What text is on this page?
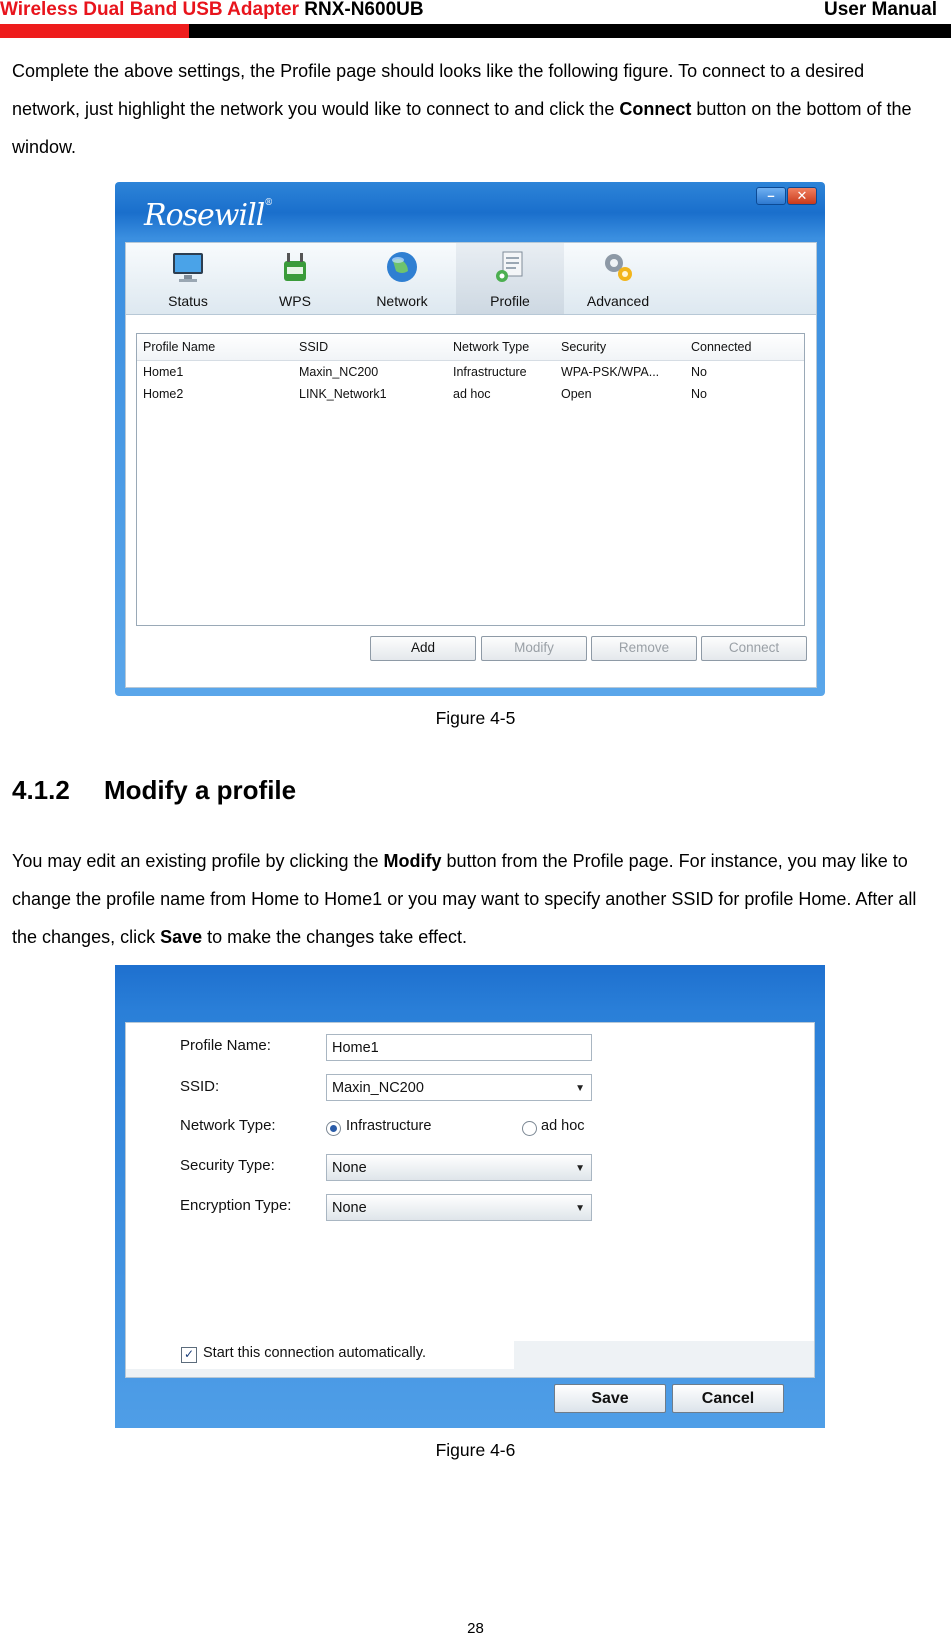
Wireless Dual Band USB Adapter RNX-N600UB	User Manual
Complete the above settings, the Profile page should looks like the following figure. To connect to a desired network, just highlight the network you would like to connect to and click the Connect button on the bottom of the window.
Rosewill®	–	✕
Status	WPS	Network	Profile	Advanced
Profile Name	SSID	Network Type	Security	Connected
Home1	Maxin_NC200	Infrastructure	WPA-PSK/WPA...	No
Home2	LINK_Network1	ad hoc	Open	No
Add	Modify	Remove	Connect
Figure 4-5
4.1.2 Modify a profile
You may edit an existing profile by clicking the Modify button from the Profile page. For instance, you may like to change the profile name from Home to Home1 or you may want to specify another SSID for profile Home. After all the changes, click Save to make the changes take effect.
Profile Name:	Home1
SSID:	Maxin_NC200	▼
Network Type:	Infrastructure	ad hoc
Security Type:	None	▼
Encryption Type:	None	▼
✓ Start this connection automatically.
Save	Cancel
Figure 4-6
28
